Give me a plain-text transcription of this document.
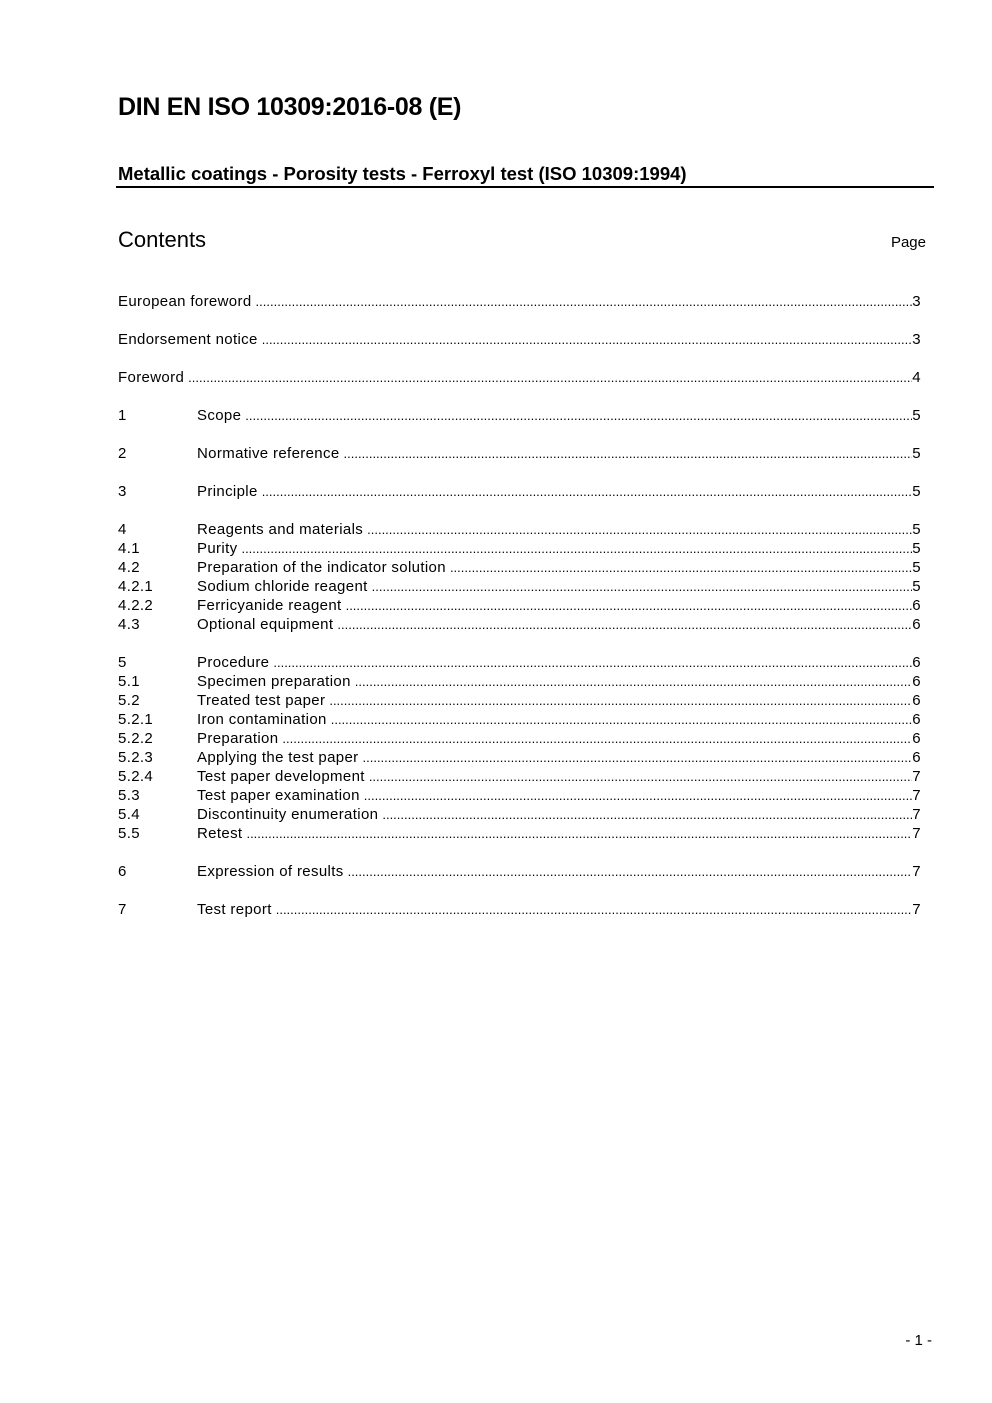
DIN EN ISO 10309:2016-08 (E)
Metallic coatings - Porosity tests - Ferroxyl test (ISO 10309:1994)
Contents	Page
European foreword .....	3
Endorsement notice .....	3
Foreword .....	4
1	Scope .....	5
2	Normative reference .....	5
3	Principle .....	5
4	Reagents and materials .....	5
4.1	Purity .....	5
4.2	Preparation of the indicator solution .....	5
4.2.1	Sodium chloride reagent .....	5
4.2.2	Ferricyanide reagent .....	6
4.3	Optional equipment .....	6
5	Procedure .....	6
5.1	Specimen preparation .....	6
5.2	Treated test paper .....	6
5.2.1	Iron contamination .....	6
5.2.2	Preparation .....	6
5.2.3	Applying the test paper .....	6
5.2.4	Test paper development .....	7
5.3	Test paper examination .....	7
5.4	Discontinuity enumeration .....	7
5.5	Retest .....	7
6	Expression of results .....	7
7	Test report .....	7
- 1 -
